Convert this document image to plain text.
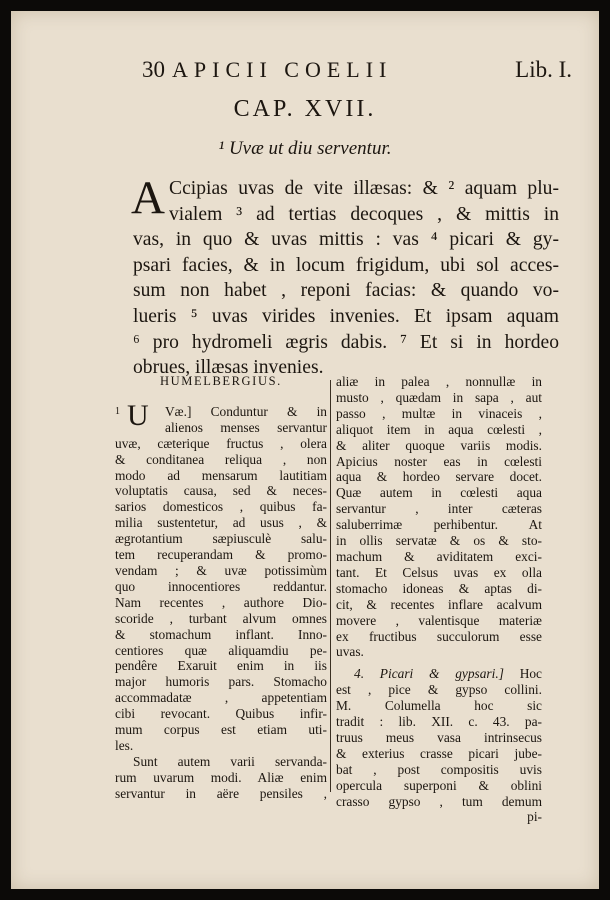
30 APICII COELII	Lib. I.
CAP. XVII.
¹ Uvæ ut diu serventur.
A Ccipias uvas de vite illæsas: & ² aquam plu-
vialem ³ ad tertias decoques , & mittis in
vas, in quo & uvas mittis : vas ⁴ picari & gy-
psari facies, & in locum frigidum, ubi sol acces-
sum non habet , reponi facias: & quando vo-
lueris ⁵ uvas virides invenies. Et ipsam aquam
⁶ pro hydromeli ægris dabis. ⁷ Et si in hordeo
obrues, illæsas invenies.
HUMELBERGIUS.
1 U	Væ.] Conduntur & in
alienos menses servantur
uvæ, cæterique fructus , olera
& conditanea reliqua , non
modo ad mensarum lautitiam
voluptatis causa, sed & neces-
sarios domesticos , quibus fa-
milia sustentetur, ad usus , &
ægrotantium sæpiusculè salu-
tem recuperandam & promo-
vendam ; & uvæ potissimùm
quo innocentiores reddantur.
Nam recentes , authore Dio-
scoride , turbant alvum omnes
& stomachum inflant. Inno-
centiores quæ aliquamdiu pe-
pendêre Exaruit enim in iis
major humoris pars. Stomacho
accommadatæ , appetentiam
cibi revocant. Quibus infir-
mum corpus est etiam uti-
les.
Sunt autem varii servanda-
rum uvarum modi. Aliæ enim
servantur in aëre pensiles ,
aliæ in palea , nonnullæ in
musto , quædam in sapa , aut
passo , multæ in vinaceis ,
aliquot item in aqua cœlesti ,
& aliter quoque variis modis.
Apicius noster eas in cœlesti
aqua & hordeo servare docet.
Quæ autem in cœlesti aqua
servantur , inter cæteras
saluberrimæ perhibentur. At
in ollis servatæ & os & sto-
machum & aviditatem exci-
tant. Et Celsus uvas ex olla
stomacho idoneas & aptas di-
cit, & recentes inflare acalvum
movere , valentisque materiæ
ex fructibus succulorum esse
uvas.
4. Picari & gypsari.] Hoc
est , pice & gypso collini.
M. Columella hoc sic
tradit : lib. XII. c. 43. pa-
truus meus vasa intrinsecus
& exterius crasse picari jube-
bat , post compositis uvis
opercula superponi & oblini
crasso gypso , tum demum
pi-
